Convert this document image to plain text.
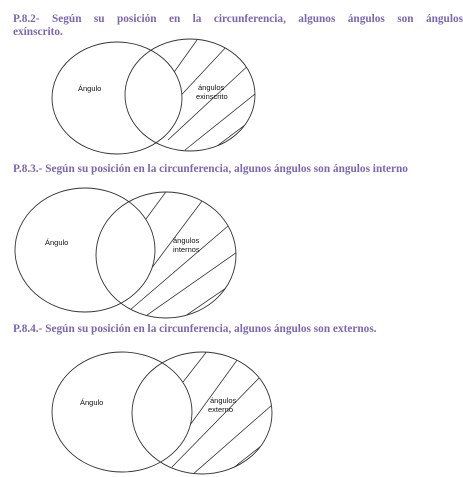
P.8.2- Según su posición en la circunferencia, algunos ángulos son ángulos
exínscrito.
Ángulo	ángulos
exinscrito
P.8.3.- Según su posición en la circunferencia, algunos ángulos son ángulos interno
Ángulo	ángulos
internos
P.8.4.- Según su posición en la circunferencia, algunos ángulos son externos.
Ángulo	ángulos
externo
